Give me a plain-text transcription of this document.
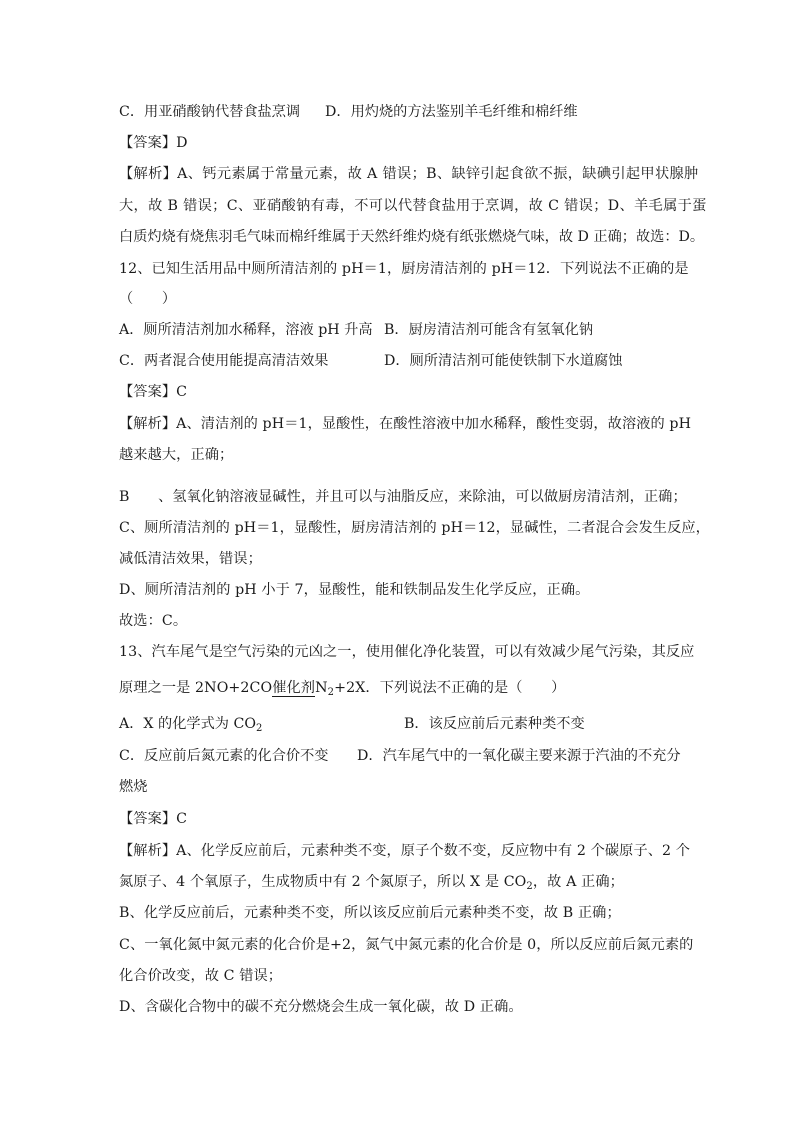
C．用亚硝酸钠代替食盐烹调 D．用灼烧的方法鉴别羊毛纤维和棉纤维
【答案】D
【解析】A、钙元素属于常量元素，故 A 错误；B、缺锌引起食欲不振，缺碘引起甲状腺肿
大，故 B 错误；C、亚硝酸钠有毒，不可以代替食盐用于烹调，故 C 错误；D、羊毛属于蛋
白质灼烧有烧焦羽毛气味而棉纤维属于天然纤维灼烧有纸张燃烧气味，故 D 正确；故选：D。
12、已知生活用品中厕所清洁剂的 pH＝1，厨房清洁剂的 pH＝12．下列说法不正确的是
（　　）
A．厕所清洁剂加水稀释，溶液 pH 升高 B．厨房清洁剂可能含有氢氧化钠
C．两者混合使用能提高清洁效果	D．厕所清洁剂可能使铁制下水道腐蚀
【答案】C
【解析】A、清洁剂的 pH＝1，显酸性，在酸性溶液中加水稀释，酸性变弱，故溶液的 pH
越来越大，正确；
B　　、氢氧化钠溶液显碱性，并且可以与油脂反应，来除油，可以做厨房清洁剂，正确；
C、厕所清洁剂的 pH＝1，显酸性，厨房清洁剂的 pH＝12，显碱性，二者混合会发生反应，
减低清洁效果，错误；
D、厕所清洁剂的 pH 小于 7，显酸性，能和铁制品发生化学反应，正确。
故选：C。
13、汽车尾气是空气污染的元凶之一，使用催化净化装置，可以有效减少尾气污染，其反应
原理之一是 2NO+2CO催化剂$N_2+2X$．下列说法不正确的是（　　）
A．X 的化学式为 $CO_2$	B．该反应前后元素种类不变
C．反应前后氮元素的化合价不变 D．汽车尾气中的一氧化碳主要来源于汽油的不充分
燃烧
【答案】C
【解析】A、化学反应前后，元素种类不变，原子个数不变，反应物中有 2 个碳原子、2 个
氮原子、4 个氧原子，生成物质中有 2 个氮原子，所以 X 是 $CO_2$，故 A 正确；
B、化学反应前后，元素种类不变，所以该反应前后元素种类不变，故 B 正确；
C、一氧化氮中氮元素的化合价是+2，氮气中氮元素的化合价是 0，所以反应前后氮元素的
化合价改变，故 C 错误；
D、含碳化合物中的碳不充分燃烧会生成一氧化碳，故 D 正确。
